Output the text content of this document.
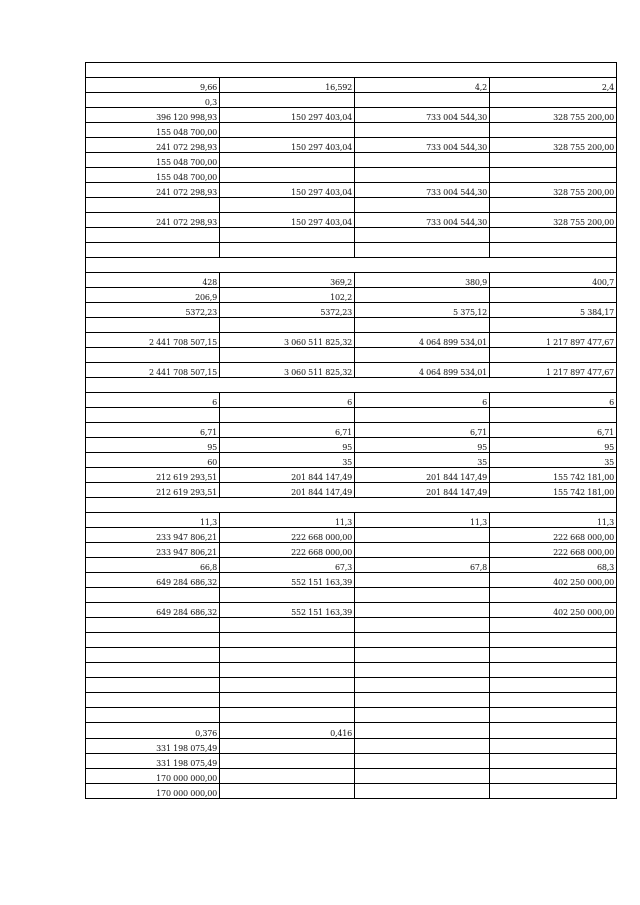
9,66	16,592	4,2	2,4
0,3			
396 120 998,93	150 297 403,04	733 004 544,30	328 755 200,00
155 048 700,00			
241 072 298,93	150 297 403,04	733 004 544,30	328 755 200,00
155 048 700,00			
155 048 700,00			
241 072 298,93	150 297 403,04	733 004 544,30	328 755 200,00

241 072 298,93	150 297 403,04	733 004 544,30	328 755 200,00

428	369,2	380,9	400,7
206,9	102,2		
5372,23	5372,23	5 375,12	5 384,17

2 441 708 507,15	3 060 511 825,32	4 064 899 534,01	1 217 897 477,67

2 441 708 507,15	3 060 511 825,32	4 064 899 534,01	1 217 897 477,67

6	6	6	6

6,71	6,71	6,71	6,71
95	95	95	95
60	35	35	35
212 619 293,51	201 844 147,49	201 844 147,49	155 742 181,00
212 619 293,51	201 844 147,49	201 844 147,49	155 742 181,00

11,3	11,3	11,3	11,3
233 947 806,21	222 668 000,00		222 668 000,00
233 947 806,21	222 668 000,00		222 668 000,00
66,8	67,3	67,8	68,3
649 284 686,32	552 151 163,39		402 250 000,00

649 284 686,32	552 151 163,39		402 250 000,00

0,376	0,416		
331 198 075,49			
331 198 075,49			
170 000 000,00			
170 000 000,00			
